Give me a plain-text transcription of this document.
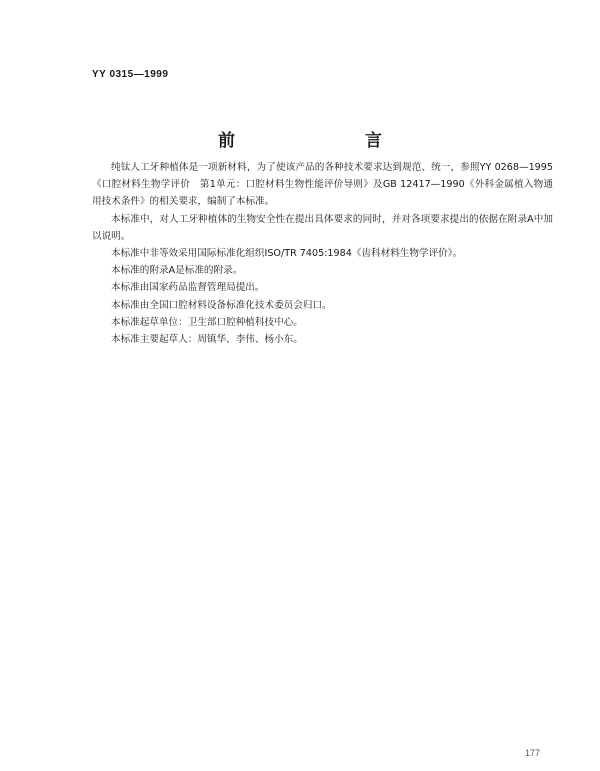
YY 0315—1999
前　　言

纯钛人工牙种植体是一项新材料，为了使该产品的各种技术要求达到规范、统一，参照YY 0268—1995《口腔材料生物学评价　第1单元：口腔材料生物性能评价导则》及GB 12417—1990《外科金属植入物通用技术条件》的相关要求，编制了本标准。

本标准中，对人工牙种植体的生物安全性在提出具体要求的同时，并对各项要求提出的依据在附录A中加以说明。

本标准中非等效采用国际标准化组织ISO/TR 7405:1984《齿科材料生物学评价》。

本标准的附录A是标准的附录。

本标准由国家药品监督管理局提出。

本标准由全国口腔材料设备标准化技术委员会归口。

本标准起草单位：卫生部口腔种植科技中心。

本标准主要起草人：周镇华、李伟、杨小东。

177
